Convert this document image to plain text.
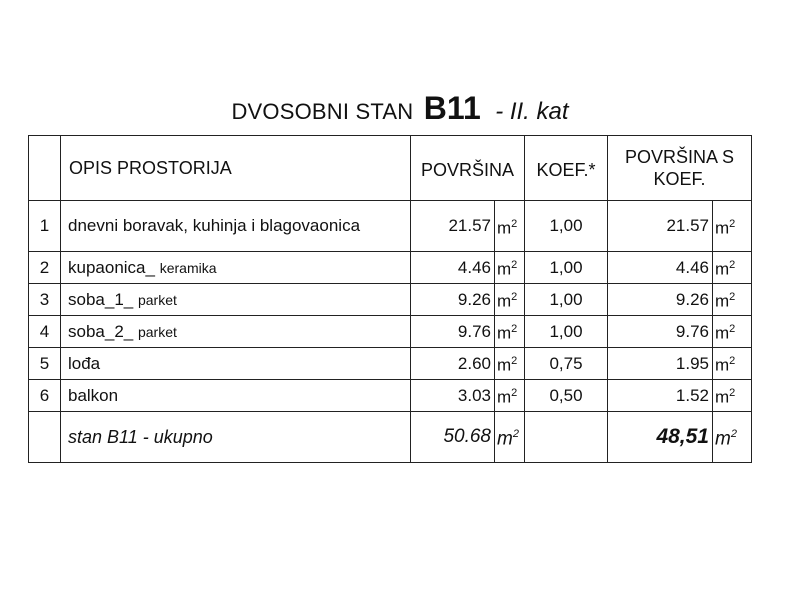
DVOSOBNI STAN B11 - II. kat
	OPIS PROSTORIJA	POVRŠINA		KOEF.*	POVRŠINA S KOEF.	
1	dnevni boravak, kuhinja i blagovaonica	21.57	$m^2$	1,00	21.57	$m^2$
2	kupaonica_ keramika	4.46	$m^2$	1,00	4.46	$m^2$
3	soba_1_ parket	9.26	$m^2$	1,00	9.26	$m^2$
4	soba_2_ parket	9.76	$m^2$	1,00	9.76	$m^2$
5	lođa	2.60	$m^2$	0,75	1.95	$m^2$
6	balkon	3.03	$m^2$	0,50	1.52	$m^2$
	stan B11 - ukupno	50.68	$m^2$		48,51	$m^2$
